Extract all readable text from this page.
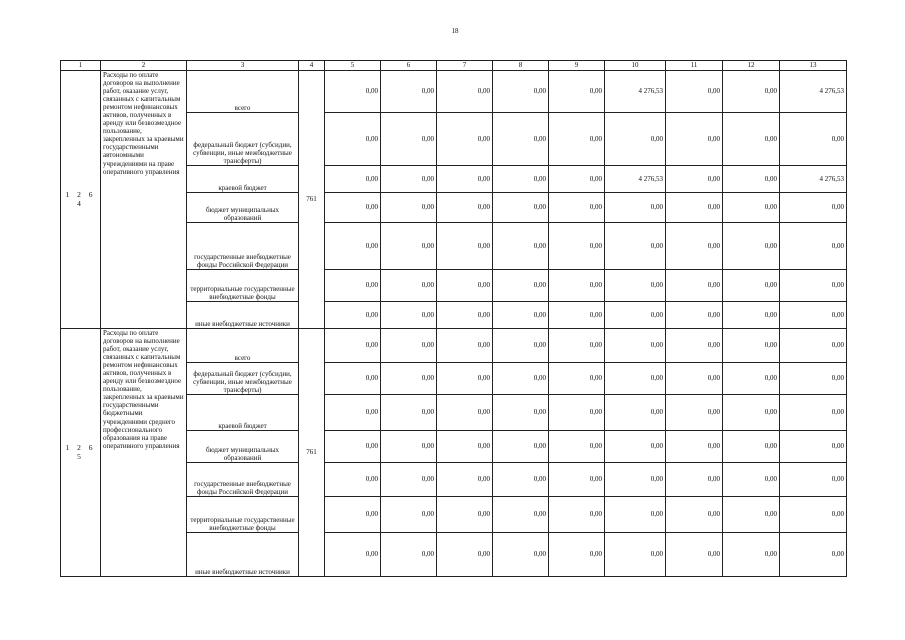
18
1	2	3	4	5	6	7	8	9	10	11	12	13
1 2 6 4	Расходы по оплате договоров на выполнение работ, оказание услуг, связанных с капитальным ремонтом нефинансовых активов, полученных в аренду или безвозмездное пользование, закрепленных за краевыми государственными автономными учреждениями на праве оперативного управления	всего	761	0,00	0,00	0,00	0,00	0,00	4 276,53	0,00	0,00	4 276,53
		федеральный бюджет (субсидии, субвенции, иные межбюджетные трансферты)		0,00	0,00	0,00	0,00	0,00	0,00	0,00	0,00	0,00
		краевой бюджет		0,00	0,00	0,00	0,00	0,00	4 276,53	0,00	0,00	4 276,53
		бюджет муниципальных образований		0,00	0,00	0,00	0,00	0,00	0,00	0,00	0,00	0,00
		государственные внебюджетные фонды Российской Федерации		0,00	0,00	0,00	0,00	0,00	0,00	0,00	0,00	0,00
		территориальные государственные внебюджетные фонды		0,00	0,00	0,00	0,00	0,00	0,00	0,00	0,00	0,00
		иные внебюджетные источники		0,00	0,00	0,00	0,00	0,00	0,00	0,00	0,00	0,00
1 2 6 5	Расходы по оплате договоров на выполнение работ, оказание услуг, связанных с капитальным ремонтом нефинансовых активов, полученных в аренду или безвозмездное пользование, закрепленных за краевыми государственными бюджетными учреждениями среднего профессионального образования на праве оперативного управления	всего	761	0,00	0,00	0,00	0,00	0,00	0,00	0,00	0,00	0,00
		федеральный бюджет (субсидии, субвенции, иные межбюджетные трансферты)		0,00	0,00	0,00	0,00	0,00	0,00	0,00	0,00	0,00
		краевой бюджет		0,00	0,00	0,00	0,00	0,00	0,00	0,00	0,00	0,00
		бюджет муниципальных образований		0,00	0,00	0,00	0,00	0,00	0,00	0,00	0,00	0,00
		государственные внебюджетные фонды Российской Федерации		0,00	0,00	0,00	0,00	0,00	0,00	0,00	0,00	0,00
		территориальные государственные внебюджетные фонды		0,00	0,00	0,00	0,00	0,00	0,00	0,00	0,00	0,00
		иные внебюджетные источники		0,00	0,00	0,00	0,00	0,00	0,00	0,00	0,00	0,00
